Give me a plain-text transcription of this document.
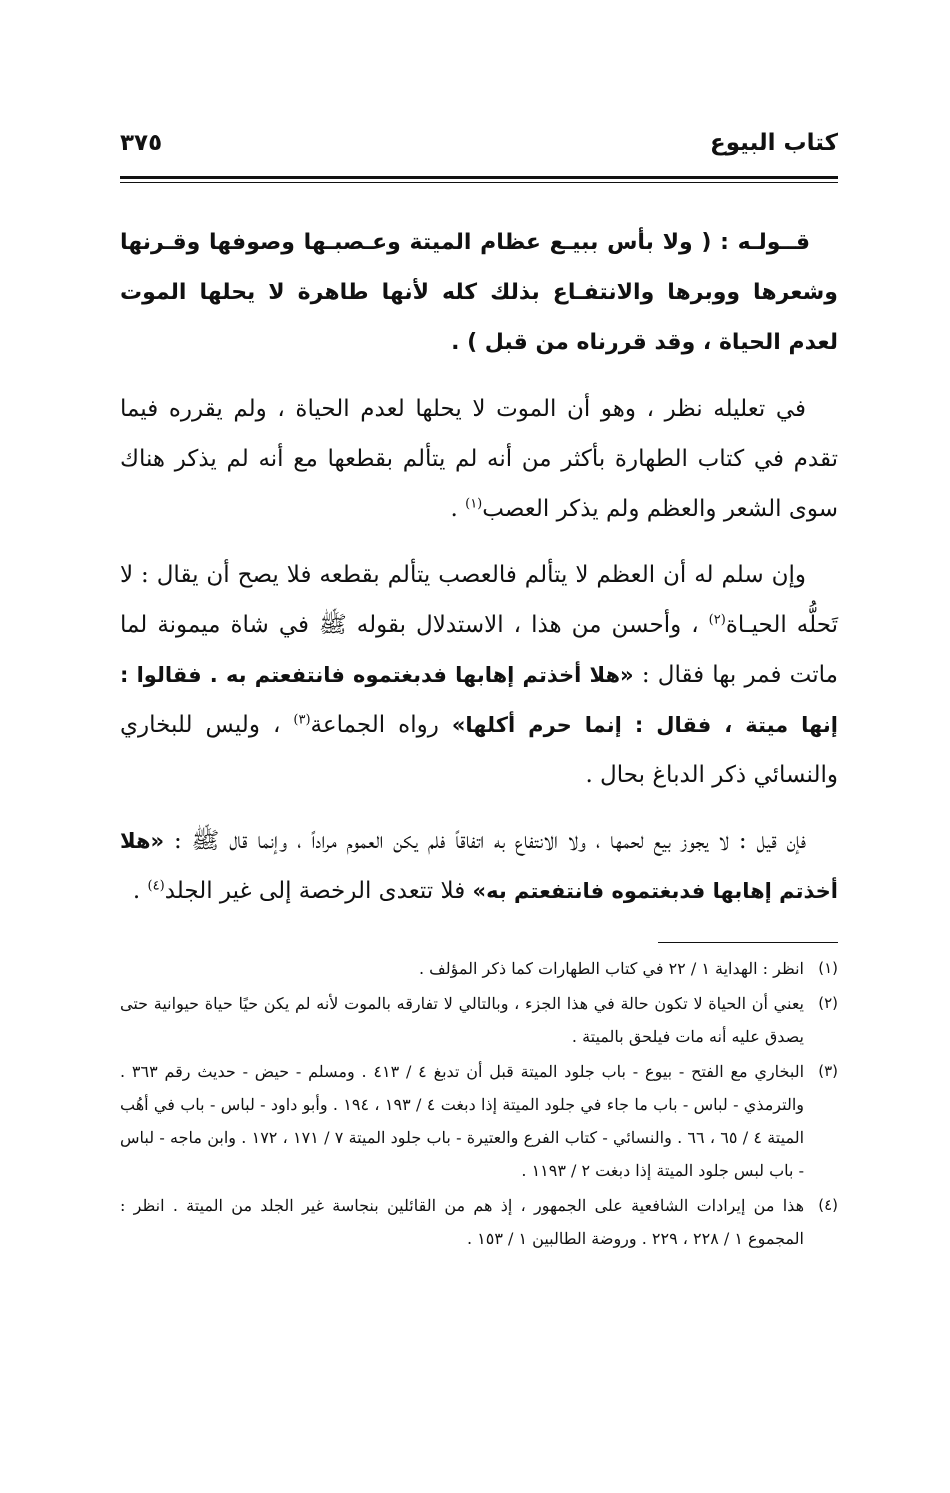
كتاب البيوع
٣٧٥

قــولـه : ( ولا بأس ببيـع عظام الميتة وعـصبـها وصوفها وقـرنها وشعرها ووبرها والانتفـاع بذلك كله لأنها طاهرة لا يحلها الموت لعدم الحياة ، وقد قررناه من قبل ) .

في تعليله نظر ، وهو أن الموت لا يحلها لعدم الحياة ، ولم يقرره فيما تقدم في كتاب الطهارة بأكثر من أنه لم يتألم بقطعها مع أنه لم يذكر هناك سوى الشعر والعظم ولم يذكر العصب$^{(١)}$ .

وإن سلم له أن العظم لا يتألم فالعصب يتألم بقطعه فلا يصح أن يقال : لا تَحلُّه الحيـاة$^{(٢)}$ ، وأحسن من هذا ، الاستدلال بقوله ﷺ في شاة ميمونة لما ماتت فمر بها فقال : «هلا أخذتم إهابها فدبغتموه فانتفعتم به . فقالوا : إنها ميتة ، فقال : إنما حرم أكلها» رواه الجماعة$^{(٣)}$ ، وليس للبخاري والنسائي ذكر الدباغ بحال .

فإن قيل : لا يجوز بيع لحمها ، ولا الانتفاع به اتفاقاً فلم يكن العموم مراداً ، وإنما قال ﷺ : «هلا أخذتم إهابها فدبغتموه فانتفعتم به» فلا تتعدى الرخصة إلى غير الجلد$^{(٤)}$ .

(١)
انظر : الهداية ١ / ٢٢ في كتاب الطهارات كما ذكر المؤلف .
(٢)
يعني أن الحياة لا تكون حالة في هذا الجزء ، وبالتالي لا تفارقه بالموت لأنه لم يكن حيًا حياة حيوانية حتى يصدق عليه أنه مات فيلحق بالميتة .
(٣)
البخاري مع الفتح - بيوع - باب جلود الميتة قبل أن تدبغ ٤ / ٤١٣ . ومسلم - حيض - حديث رقم ٣٦٣ . والترمذي - لباس - باب ما جاء في جلود الميتة إذا دبغت ٤ / ١٩٣ ، ١٩٤ . وأبو داود - لباس - باب في أهُب الميتة ٤ / ٦٥ ، ٦٦ . والنسائي - كتاب الفرع والعتيرة - باب جلود الميتة ٧ / ١٧١ ، ١٧٢ . وابن ماجه - لباس - باب لبس جلود الميتة إذا دبغت ٢ / ١١٩٣ .
(٤)
هذا من إيرادات الشافعية على الجمهور ، إذ هم من القائلين بنجاسة غير الجلد من الميتة . انظر : المجموع ١ / ٢٢٨ ، ٢٢٩ . وروضة الطالبين ١ / ١٥٣ .
